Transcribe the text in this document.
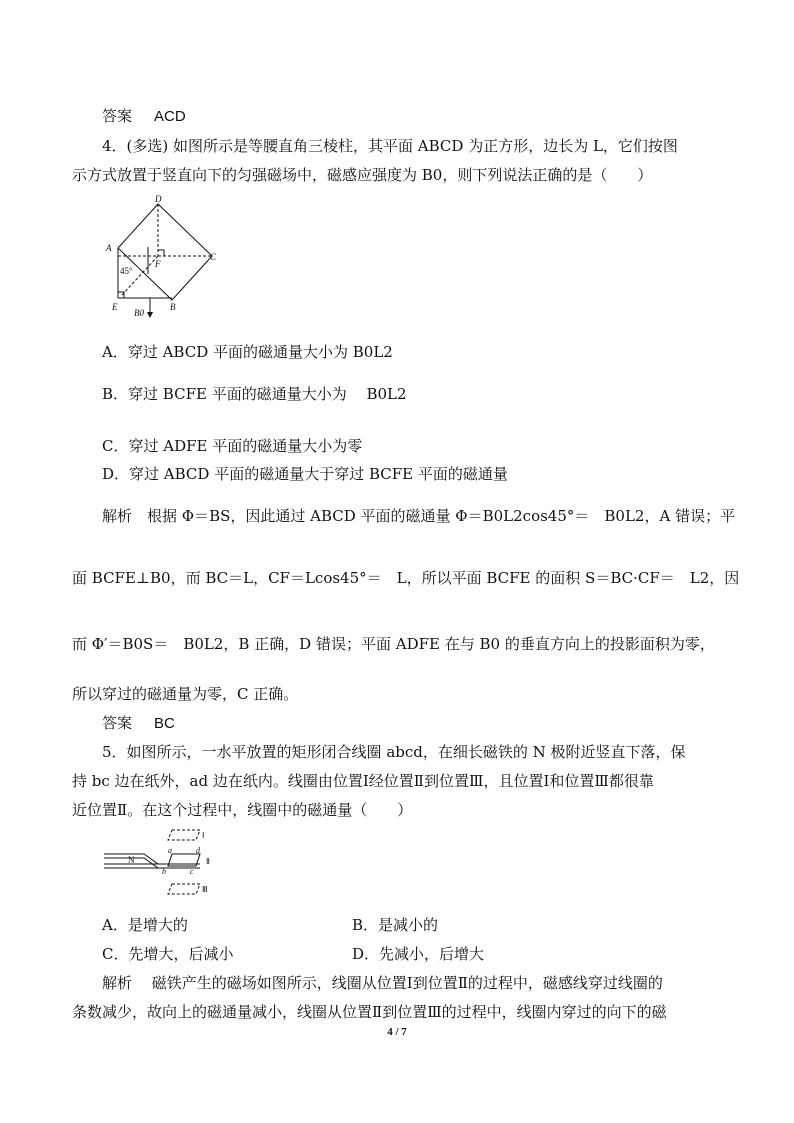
答案 ACD
4．(多选) 如图所示是等腰直角三棱柱，其平面 ABCD 为正方形，边长为 L，它们按图
示方式放置于竖直向下的匀强磁场中，磁感应强度为 B0，则下列说法正确的是（　　）
D
A
C
F
45°
E	B
B0
A．穿过 ABCD 平面的磁通量大小为 B0L2
B．穿过 BCFE 平面的磁通量大小为　 B0L2
C．穿过 ADFE 平面的磁通量大小为零
D．穿过 ABCD 平面的磁通量大于穿过 BCFE 平面的磁通量
解析　根据 Φ＝BS，因此通过 ABCD 平面的磁通量 Φ＝B0L2cos45°＝　B0L2，A 错误；平
面 BCFE⊥B0，而 BC＝L，CF＝Lcos45°＝　L，所以平面 BCFE 的面积 S＝BC·CF＝　L2，因
而 Φ′＝B0S＝　B0L2，B 正确，D 错误；平面 ADFE 在与 B0 的垂直方向上的投影面积为零，
所以穿过的磁通量为零，C 正确。
答案 BC
5．如图所示，一水平放置的矩形闭合线圈 abcd，在细长磁铁的 N 极附近竖直下落，保
持 bc 边在纸外，ad 边在纸内。线圈由位置Ⅰ经位置Ⅱ到位置Ⅲ，且位置Ⅰ和位置Ⅲ都很靠
近位置Ⅱ。在这个过程中，线圈中的磁通量（　　）
N
Ⅰ
Ⅱ
Ⅲ
a
b	c
d
A．是增大的	B．是减小的
C．先增大，后减小	D．先减小，后增大
解析　 磁铁产生的磁场如图所示，线圈从位置Ⅰ到位置Ⅱ的过程中，磁感线穿过线圈的
条数减少，故向上的磁通量减小，线圈从位置Ⅱ到位置Ⅲ的过程中，线圈内穿过的向下的磁
4 / 7
